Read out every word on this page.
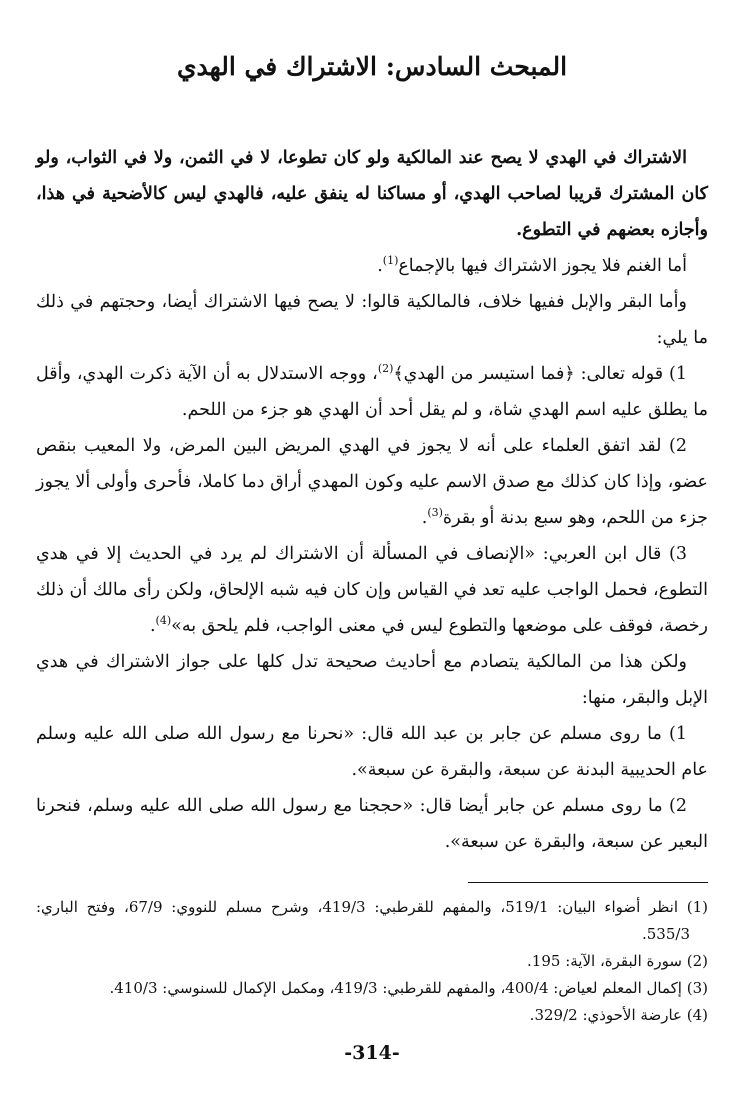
المبحث السادس: الاشتراك في الهدي

الاشتراك في الهدي لا يصح عند المالكية ولو كان تطوعا، لا في الثمن، ولا في الثواب، ولو كان المشترك قريبا لصاحب الهدي، أو مساكنا له ينفق عليه، فالهدي ليس كالأضحية في هذا، وأجازه بعضهم في التطوع.

أما الغنم فلا يجوز الاشتراك فيها بالإجماع$^{(1)}$.

وأما البقر والإبل ففيها خلاف، فالمالكية قالوا: لا يصح فيها الاشتراك أيضا، وحجتهم في ذلك ما يلي:

1) قوله تعالى: ﴿فما استيسر من الهدي﴾$^{(2)}$، ووجه الاستدلال به أن الآية ذكرت الهدي، وأقل ما يطلق عليه اسم الهدي شاة، و لم يقل أحد أن الهدي هو جزء من اللحم.

2) لقد اتفق العلماء على أنه لا يجوز في الهدي المريض البين المرض، ولا المعيب بنقص عضو، وإذا كان كذلك مع صدق الاسم عليه وكون المهدي أراق دما كاملا، فأحرى وأولى ألا يجوز جزء من اللحم، وهو سبع بدنة أو بقرة$^{(3)}$.

3) قال ابن العربي: «الإنصاف في المسألة أن الاشتراك لم يرد في الحديث إلا في هدي التطوع، فحمل الواجب عليه تعد في القياس وإن كان فيه شبه الإلحاق، ولكن رأى مالك أن ذلك رخصة، فوقف على موضعها والتطوع ليس في معنى الواجب، فلم يلحق به»$^{(4)}$.

ولكن هذا من المالكية يتصادم مع أحاديث صحيحة تدل كلها على جواز الاشتراك في هدي الإبل والبقر، منها:

1) ما روى مسلم عن جابر بن عبد الله قال: «نحرنا مع رسول الله صلى الله عليه وسلم عام الحديبية البدنة عن سبعة، والبقرة عن سبعة».

2) ما روى مسلم عن جابر أيضا قال: «حججنا مع رسول الله صلى الله عليه وسلم، فنحرنا البعير عن سبعة، والبقرة عن سبعة».

(1) انظر أضواء البيان: 519/1، والمفهم للقرطبي: 419/3، وشرح مسلم للنووي: 67/9، وفتح الباري: 535/3.

(2) سورة البقرة، الآية: 195.

(3) إكمال المعلم لعياض: 400/4، والمفهم للقرطبي: 419/3، ومكمل الإكمال للسنوسي: 410/3.

(4) عارضة الأحوذي: 329/2.

-314-
